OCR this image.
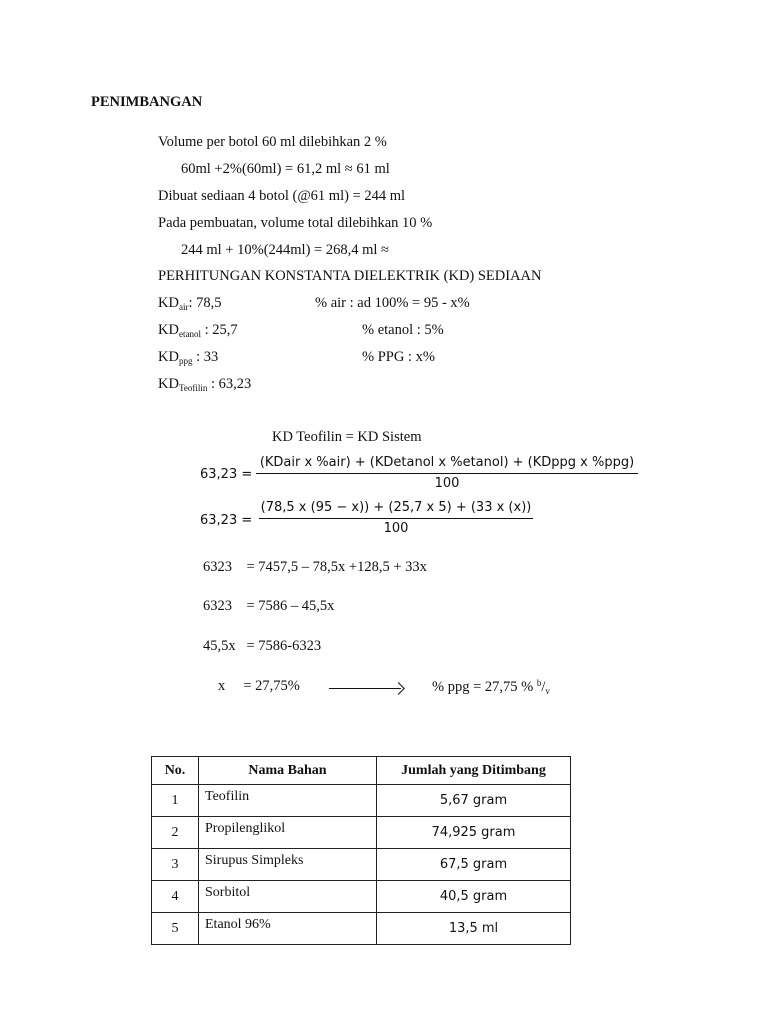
PENIMBANGAN
Volume per botol 60 ml dilebihkan 2 %
60ml +2%(60ml) = 61,2 ml ≈ 61 ml
Dibuat sediaan 4 botol (@61 ml) = 244 ml
Pada pembuatan, volume total dilebihkan 10 %
244 ml + 10%(244ml) = 268,4 ml ≈
PERHITUNGAN KONSTANTA DIELEKTRIK (KD) SEDIAAN
$KD_{air}$: 78,5	% air : ad 100% = 95 - x%
$KD_{etanol}$ : 25,7	% etanol : 5%
$KD_{ppg}$ : 33	% PPG : x%
$KD_{Teofilin}$ : 63,23
KD Teofilin = KD Sistem
63,23 =
(KDair x %air) + (KDetanol x %etanol) + (KDppg x %ppg)
100
63,23 =
(78,5 x (95 − x)) + (25,7 x 5) + (33 x (x))
100
6323    = 7457,5 – 78,5x +128,5 + 33x
6323    = 7586 – 45,5x
45,5x   = 7586-6323
x     = 27,75%	% ppg = 27,75 % $^b/_v$
No.	Nama Bahan	Jumlah yang Ditimbang
1	Teofilin	5,67 gram
2	Propilenglikol	74,925 gram
3	Sirupus Simpleks	67,5 gram
4	Sorbitol	40,5 gram
5	Etanol 96%	13,5 ml
